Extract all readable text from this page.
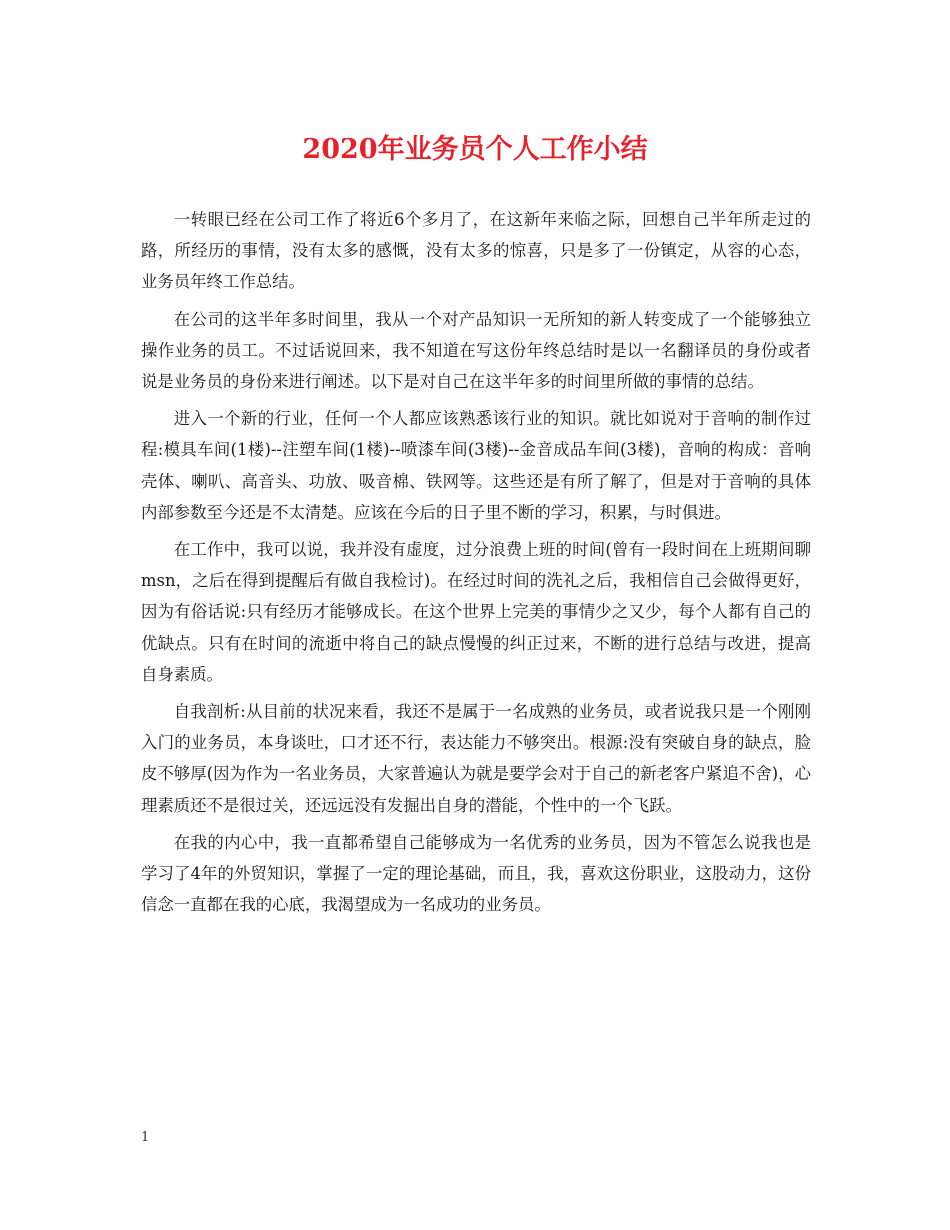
2020年业务员个人工作小结

一转眼已经在公司工作了将近6个多月了，在这新年来临之际，回想自己半年所走过的路，所经历的事情，没有太多的感慨，没有太多的惊喜，只是多了一份镇定，从容的心态，业务员年终工作总结。

在公司的这半年多时间里，我从一个对产品知识一无所知的新人转变成了一个能够独立操作业务的员工。不过话说回来，我不知道在写这份年终总结时是以一名翻译员的身份或者说是业务员的身份来进行阐述。以下是对自己在这半年多的时间里所做的事情的总结。

进入一个新的行业，任何一个人都应该熟悉该行业的知识。就比如说对于音响的制作过程:模具车间(1楼)--注塑车间(1楼)--喷漆车间(3楼)--金音成品车间(3楼)，音响的构成：音响壳体、喇叭、高音头、功放、吸音棉、铁网等。这些还是有所了解了，但是对于音响的具体内部参数至今还是不太清楚。应该在今后的日子里不断的学习，积累，与时俱进。

在工作中，我可以说，我并没有虚度，过分浪费上班的时间(曾有一段时间在上班期间聊msn，之后在得到提醒后有做自我检讨)。在经过时间的洗礼之后，我相信自己会做得更好，因为有俗话说:只有经历才能够成长。在这个世界上完美的事情少之又少，每个人都有自己的优缺点。只有在时间的流逝中将自己的缺点慢慢的纠正过来，不断的进行总结与改进，提高自身素质。

自我剖析:从目前的状况来看，我还不是属于一名成熟的业务员，或者说我只是一个刚刚入门的业务员，本身谈吐，口才还不行，表达能力不够突出。根源:没有突破自身的缺点，脸皮不够厚(因为作为一名业务员，大家普遍认为就是要学会对于自己的新老客户紧追不舍)，心理素质还不是很过关，还远远没有发掘出自身的潜能，个性中的一个飞跃。

在我的内心中，我一直都希望自己能够成为一名优秀的业务员，因为不管怎么说我也是学习了4年的外贸知识，掌握了一定的理论基础，而且，我，喜欢这份职业，这股动力，这份信念一直都在我的心底，我渴望成为一名成功的业务员。

1
